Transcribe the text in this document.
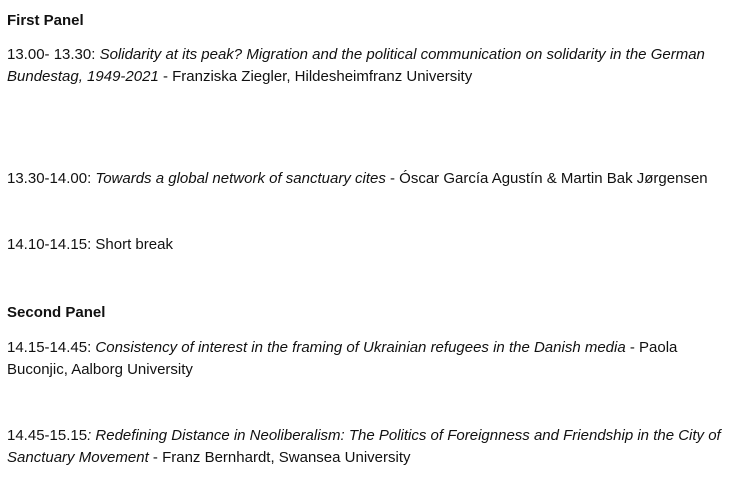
First Panel
13.00- 13.30: Solidarity at its peak? Migration and the political communication on solidarity in the German Bundestag, 1949-2021 - Franziska Ziegler, Hildesheimfranz University
13.30-14.00: Towards a global network of sanctuary cites - Óscar García Agustín & Martin Bak Jørgensen
14.10-14.15: Short break
Second Panel
14.15-14.45: Consistency of interest in the framing of Ukrainian refugees in the Danish media - Paola Buconjic, Aalborg University
14.45-15.15: Redefining Distance in Neoliberalism: The Politics of Foreignness and Friendship in the City of Sanctuary Movement - Franz Bernhardt, Swansea University
